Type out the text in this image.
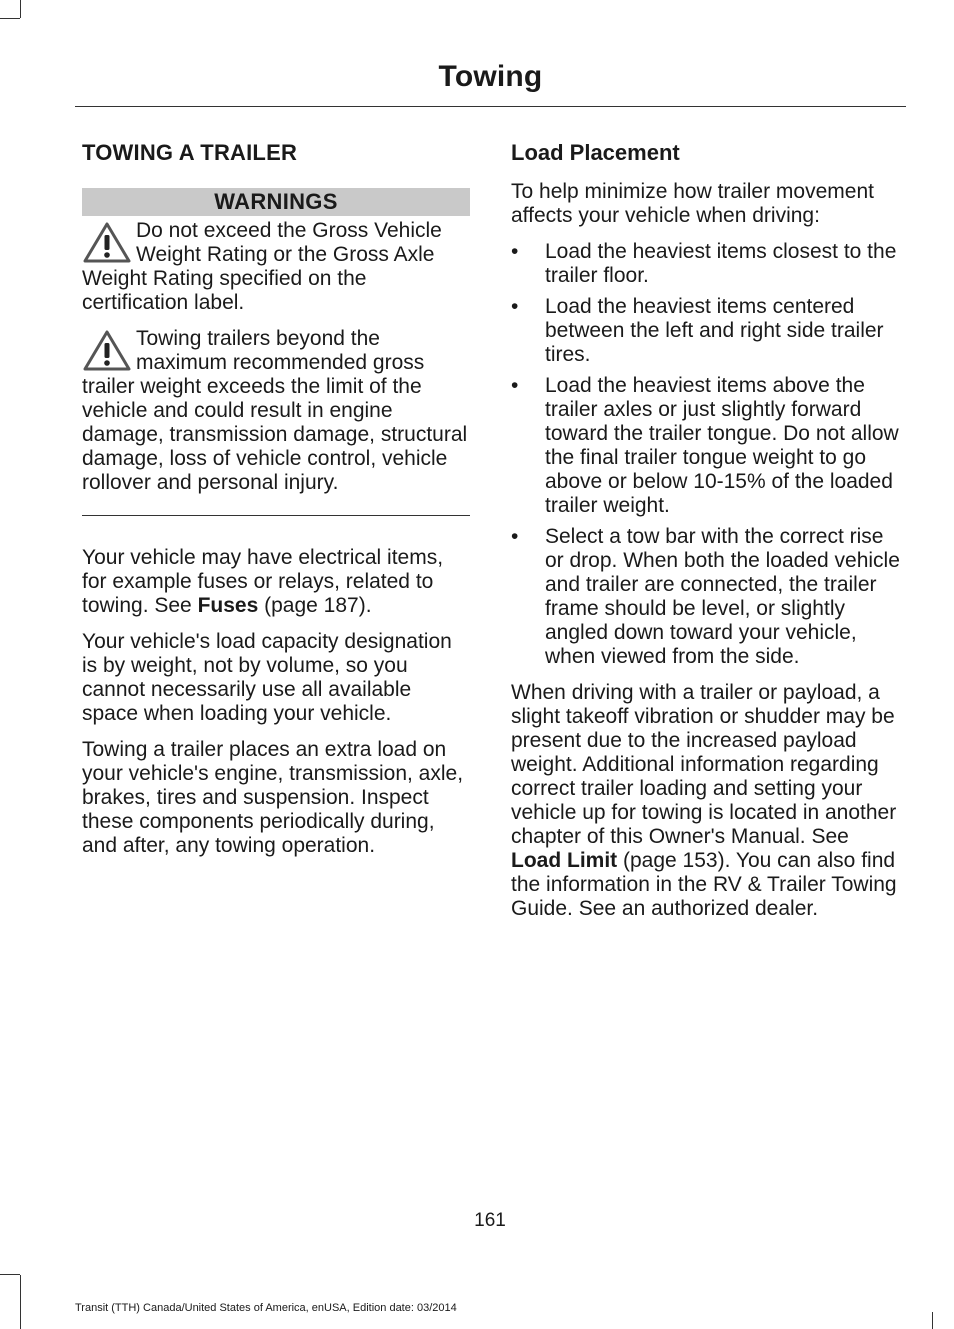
Towing
TOWING A TRAILER
WARNINGS
Do not exceed the Gross Vehicle Weight Rating or the Gross Axle Weight Rating specified on the certification label.
Towing trailers beyond the maximum recommended gross trailer weight exceeds the limit of the vehicle and could result in engine damage, transmission damage, structural damage, loss of vehicle control, vehicle rollover and personal injury.

Your vehicle may have electrical items, for example fuses or relays, related to towing. See Fuses (page 187).

Your vehicle's load capacity designation is by weight, not by volume, so you cannot necessarily use all available space when loading your vehicle.

Towing a trailer places an extra load on your vehicle's engine, transmission, axle, brakes, tires and suspension. Inspect these components periodically during, and after, any towing operation.

Load Placement

To help minimize how trailer movement affects your vehicle when driving:

•	Load the heaviest items closest to the trailer floor.
•	Load the heaviest items centered between the left and right side trailer tires.
•	Load the heaviest items above the trailer axles or just slightly forward toward the trailer tongue. Do not allow the final trailer tongue weight to go above or below 10-15% of the loaded trailer weight.
•	Select a tow bar with the correct rise or drop. When both the loaded vehicle and trailer are connected, the trailer frame should be level, or slightly angled down toward your vehicle, when viewed from the side.

When driving with a trailer or payload, a slight takeoff vibration or shudder may be present due to the increased payload weight. Additional information regarding correct trailer loading and setting your vehicle up for towing is located in another chapter of this Owner's Manual. See Load Limit (page 153). You can also find the information in the RV & Trailer Towing Guide. See an authorized dealer.

161
Transit (TTH) Canada/United States of America, enUSA, Edition date: 03/2014
